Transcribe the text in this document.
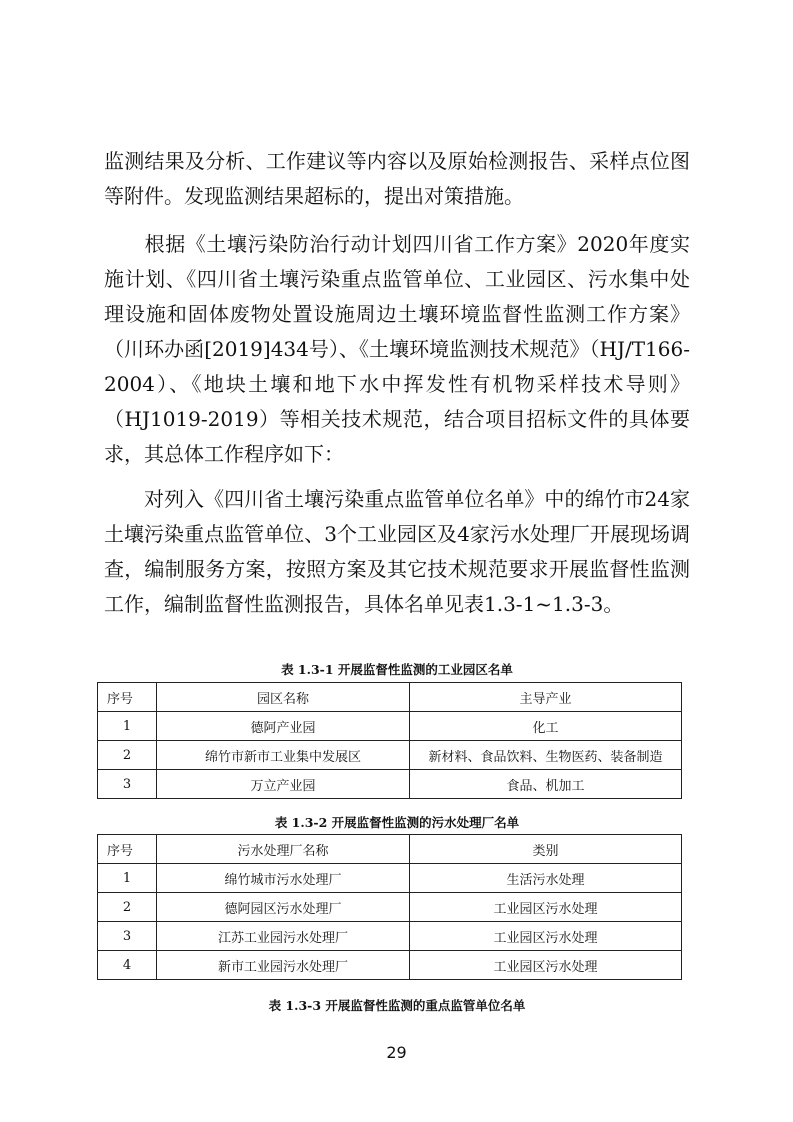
监测结果及分析、工作建议等内容以及原始检测报告、采样点位图等附件。发现监测结果超标的，提出对策措施。

根据《土壤污染防治行动计划四川省工作方案》2020年度实施计划、《四川省土壤污染重点监管单位、工业园区、污水集中处理设施和固体废物处置设施周边土壤环境监督性监测工作方案》（川环办函[2019]434号）、《土壤环境监测技术规范》（HJ/T166-2004）、《地块土壤和地下水中挥发性有机物采样技术导则》（HJ1019-2019）等相关技术规范，结合项目招标文件的具体要求，其总体工作程序如下：

对列入《四川省土壤污染重点监管单位名单》中的绵竹市24家土壤污染重点监管单位、3个工业园区及4家污水处理厂开展现场调查，编制服务方案，按照方案及其它技术规范要求开展监督性监测工作，编制监督性监测报告，具体名单见表1.3-1~1.3-3。

表 1.3-1 开展监督性监测的工业园区名单
序号	园区名称	主导产业
1	德阿产业园	化工
2	绵竹市新市工业集中发展区	新材料、食品饮料、生物医药、装备制造
3	万立产业园	食品、机加工
表 1.3-2 开展监督性监测的污水处理厂名单
序号	污水处理厂名称	类别
1	绵竹城市污水处理厂	生活污水处理
2	德阿园区污水处理厂	工业园区污水处理
3	江苏工业园污水处理厂	工业园区污水处理
4	新市工业园污水处理厂	工业园区污水处理
表 1.3-3 开展监督性监测的重点监管单位名单
29
